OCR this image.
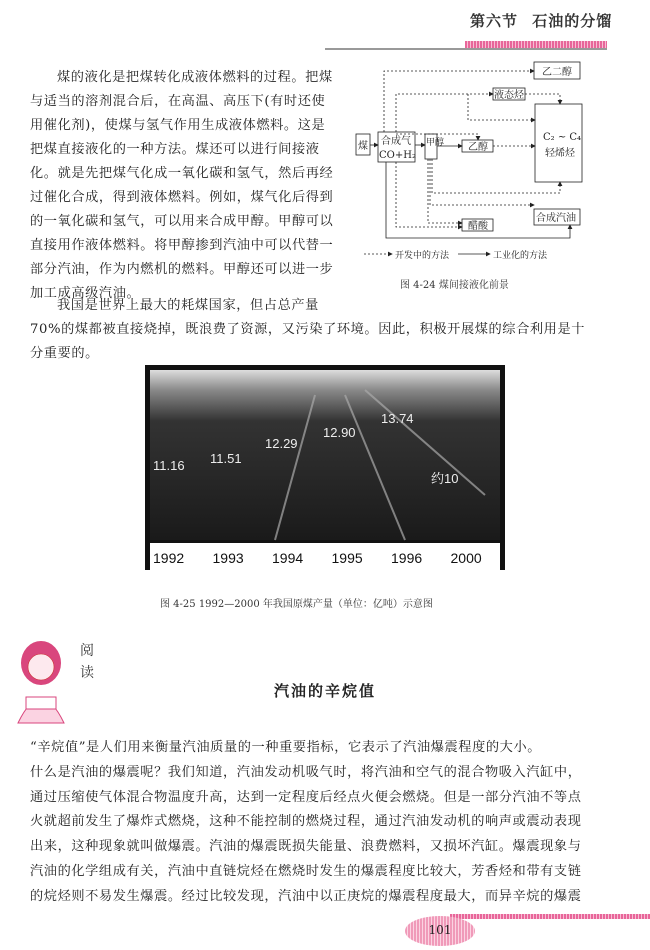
第六节 石油的分馏
煤的液化是把煤转化成液体燃料的过程。把煤
与适当的溶剂混合后，在高温、高压下(有时还使
用催化剂)，使煤与氢气作用生成液体燃料。这是
把煤直接液化的一种方法。煤还可以进行间接液
化。就是先把煤气化成一氧化碳和氢气，然后再经
过催化合成，得到液体燃料。例如，煤气化后得到
的一氧化碳和氢气，可以用来合成甲醇。甲醇可以
直接用作液体燃料。将甲醇掺到汽油中可以代替一
部分汽油，作为内燃机的燃料。甲醇还可以进一步
加工成高级汽油。
我国是世界上最大的耗煤国家，但占总产量
70%的煤都被直接烧掉，既浪费了资源，又污染了环境。因此，积极开展煤的综合利用是十
分重要的。
煤 合成气
CO+H₂
甲醇 乙醇
乙二醇
液态烃
C₂ ~ C₄
轻烯烃
醋酸
合成汽油
开发中的方法	工业化的方法
图 4-24 煤间接液化前景
11.16 11.51
12.29
12.90
13.74
约10
1992 1993 1994 1995 1996 2000
图 4-25 1992—2000 年我国原煤产量（单位：亿吨）示意图
阅
读
汽油的辛烷值
“辛烷值”是人们用来衡量汽油质量的一种重要指标，它表示了汽油爆震程度的大小。
什么是汽油的爆震呢？我们知道，汽油发动机吸气时，将汽油和空气的混合物吸入汽缸中，
通过压缩使气体混合物温度升高，达到一定程度后经点火便会燃烧。但是一部分汽油不等点
火就超前发生了爆炸式燃烧，这种不能控制的燃烧过程，通过汽油发动机的响声或震动表现
出来，这种现象就叫做爆震。汽油的爆震既损失能量、浪费燃料，又损坏汽缸。爆震现象与
汽油的化学组成有关，汽油中直链烷烃在燃烧时发生的爆震程度比较大，芳香烃和带有支链
的烷烃则不易发生爆震。经过比较发现，汽油中以正庚烷的爆震程度最大，而异辛烷的爆震
101
